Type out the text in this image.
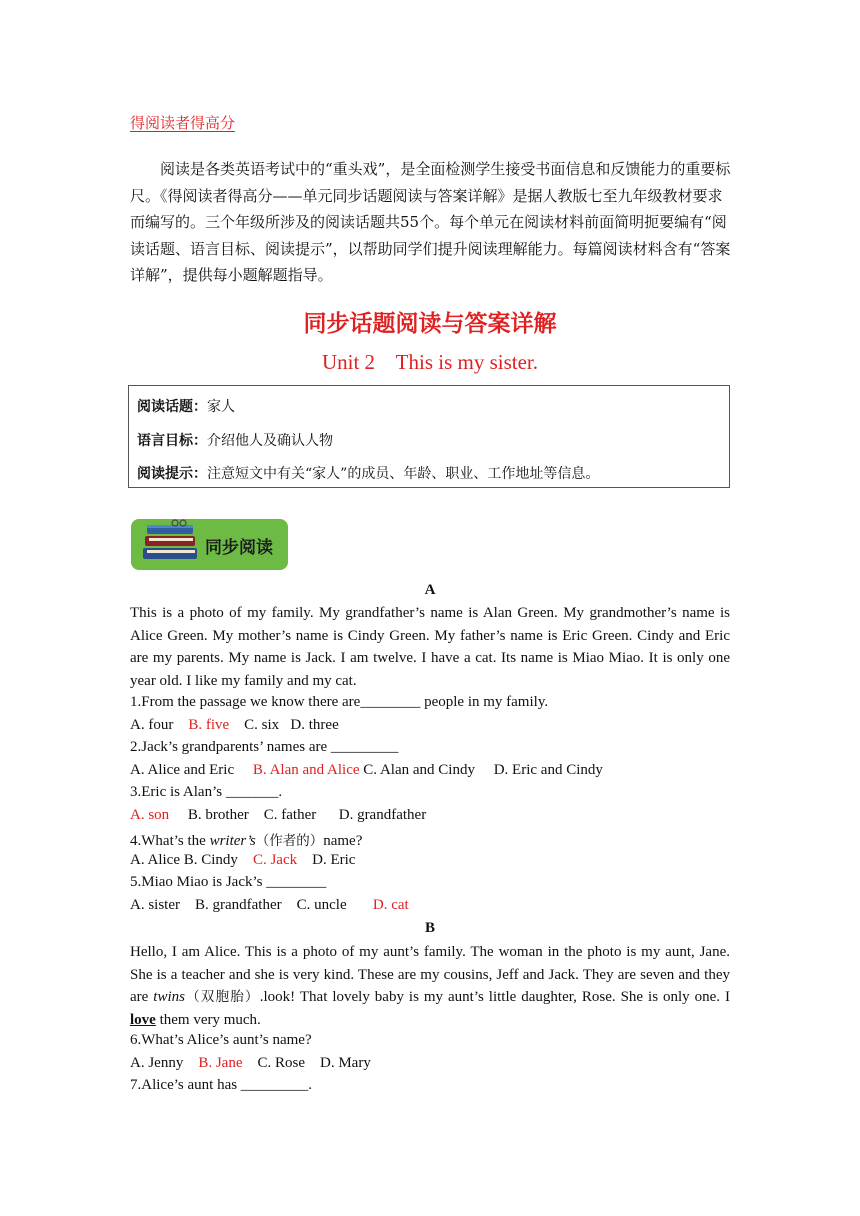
得阅读者得高分
阅读是各类英语考试中的“重头戏”，是全面检测学生接受书面信息和反馈能力的重要标尺。《得阅读者得高分——单元同步话题阅读与答案详解》是据人教版七至九年级教材要求而编写的。三个年级所涉及的阅读话题共55个。每个单元在阅读材料前面简明扼要编有“阅读话题、语言目标、阅读提示”，以帮助同学们提升阅读理解能力。每篇阅读材料含有“答案详解”，提供每小题解题指导。
同步话题阅读与答案详解
Unit 2    This is my sister.
阅读话题：家人
语言目标：介绍他人及确认人物
阅读提示：注意短文中有关“家人”的成员、年龄、职业、工作地址等信息。
同步阅读
A
This is a photo of my family. My grandfather’s name is Alan Green. My grandmother’s name is Alice Green. My mother’s name is Cindy Green. My father’s name is Eric Green. Cindy and Eric are my parents. My name is Jack. I am twelve. I have a cat. Its name is Miao Miao. It is only one year old. I like my family and my cat.
1.From the passage we know there are________ people in my family.
A. four B. five C. six D. three
2.Jack’s grandparents’ names are _________
A. Alice and Eric B. Alan and Alice C. Alan and Cindy D. Eric and Cindy
3.Eric is Alan’s _______.
A. son B. brother C. father D. grandfather
4.What’s the writer’s（作者的）name?
A. Alice B. Cindy C. Jack D. Eric
5.Miao Miao is Jack’s ________
A. sister B. grandfather C. uncle D. cat
B
Hello, I am Alice. This is a photo of my aunt’s family. The woman in the photo is my aunt, Jane. She is a teacher and she is very kind. These are my cousins, Jeff and Jack. They are seven and they are twins（双胞胎）.look! That lovely baby is my aunt’s little daughter, Rose. She is only one. I love them very much.
6.What’s Alice’s aunt’s name?
A. Jenny B. Jane C. Rose D. Mary
7.Alice’s aunt has _________.
